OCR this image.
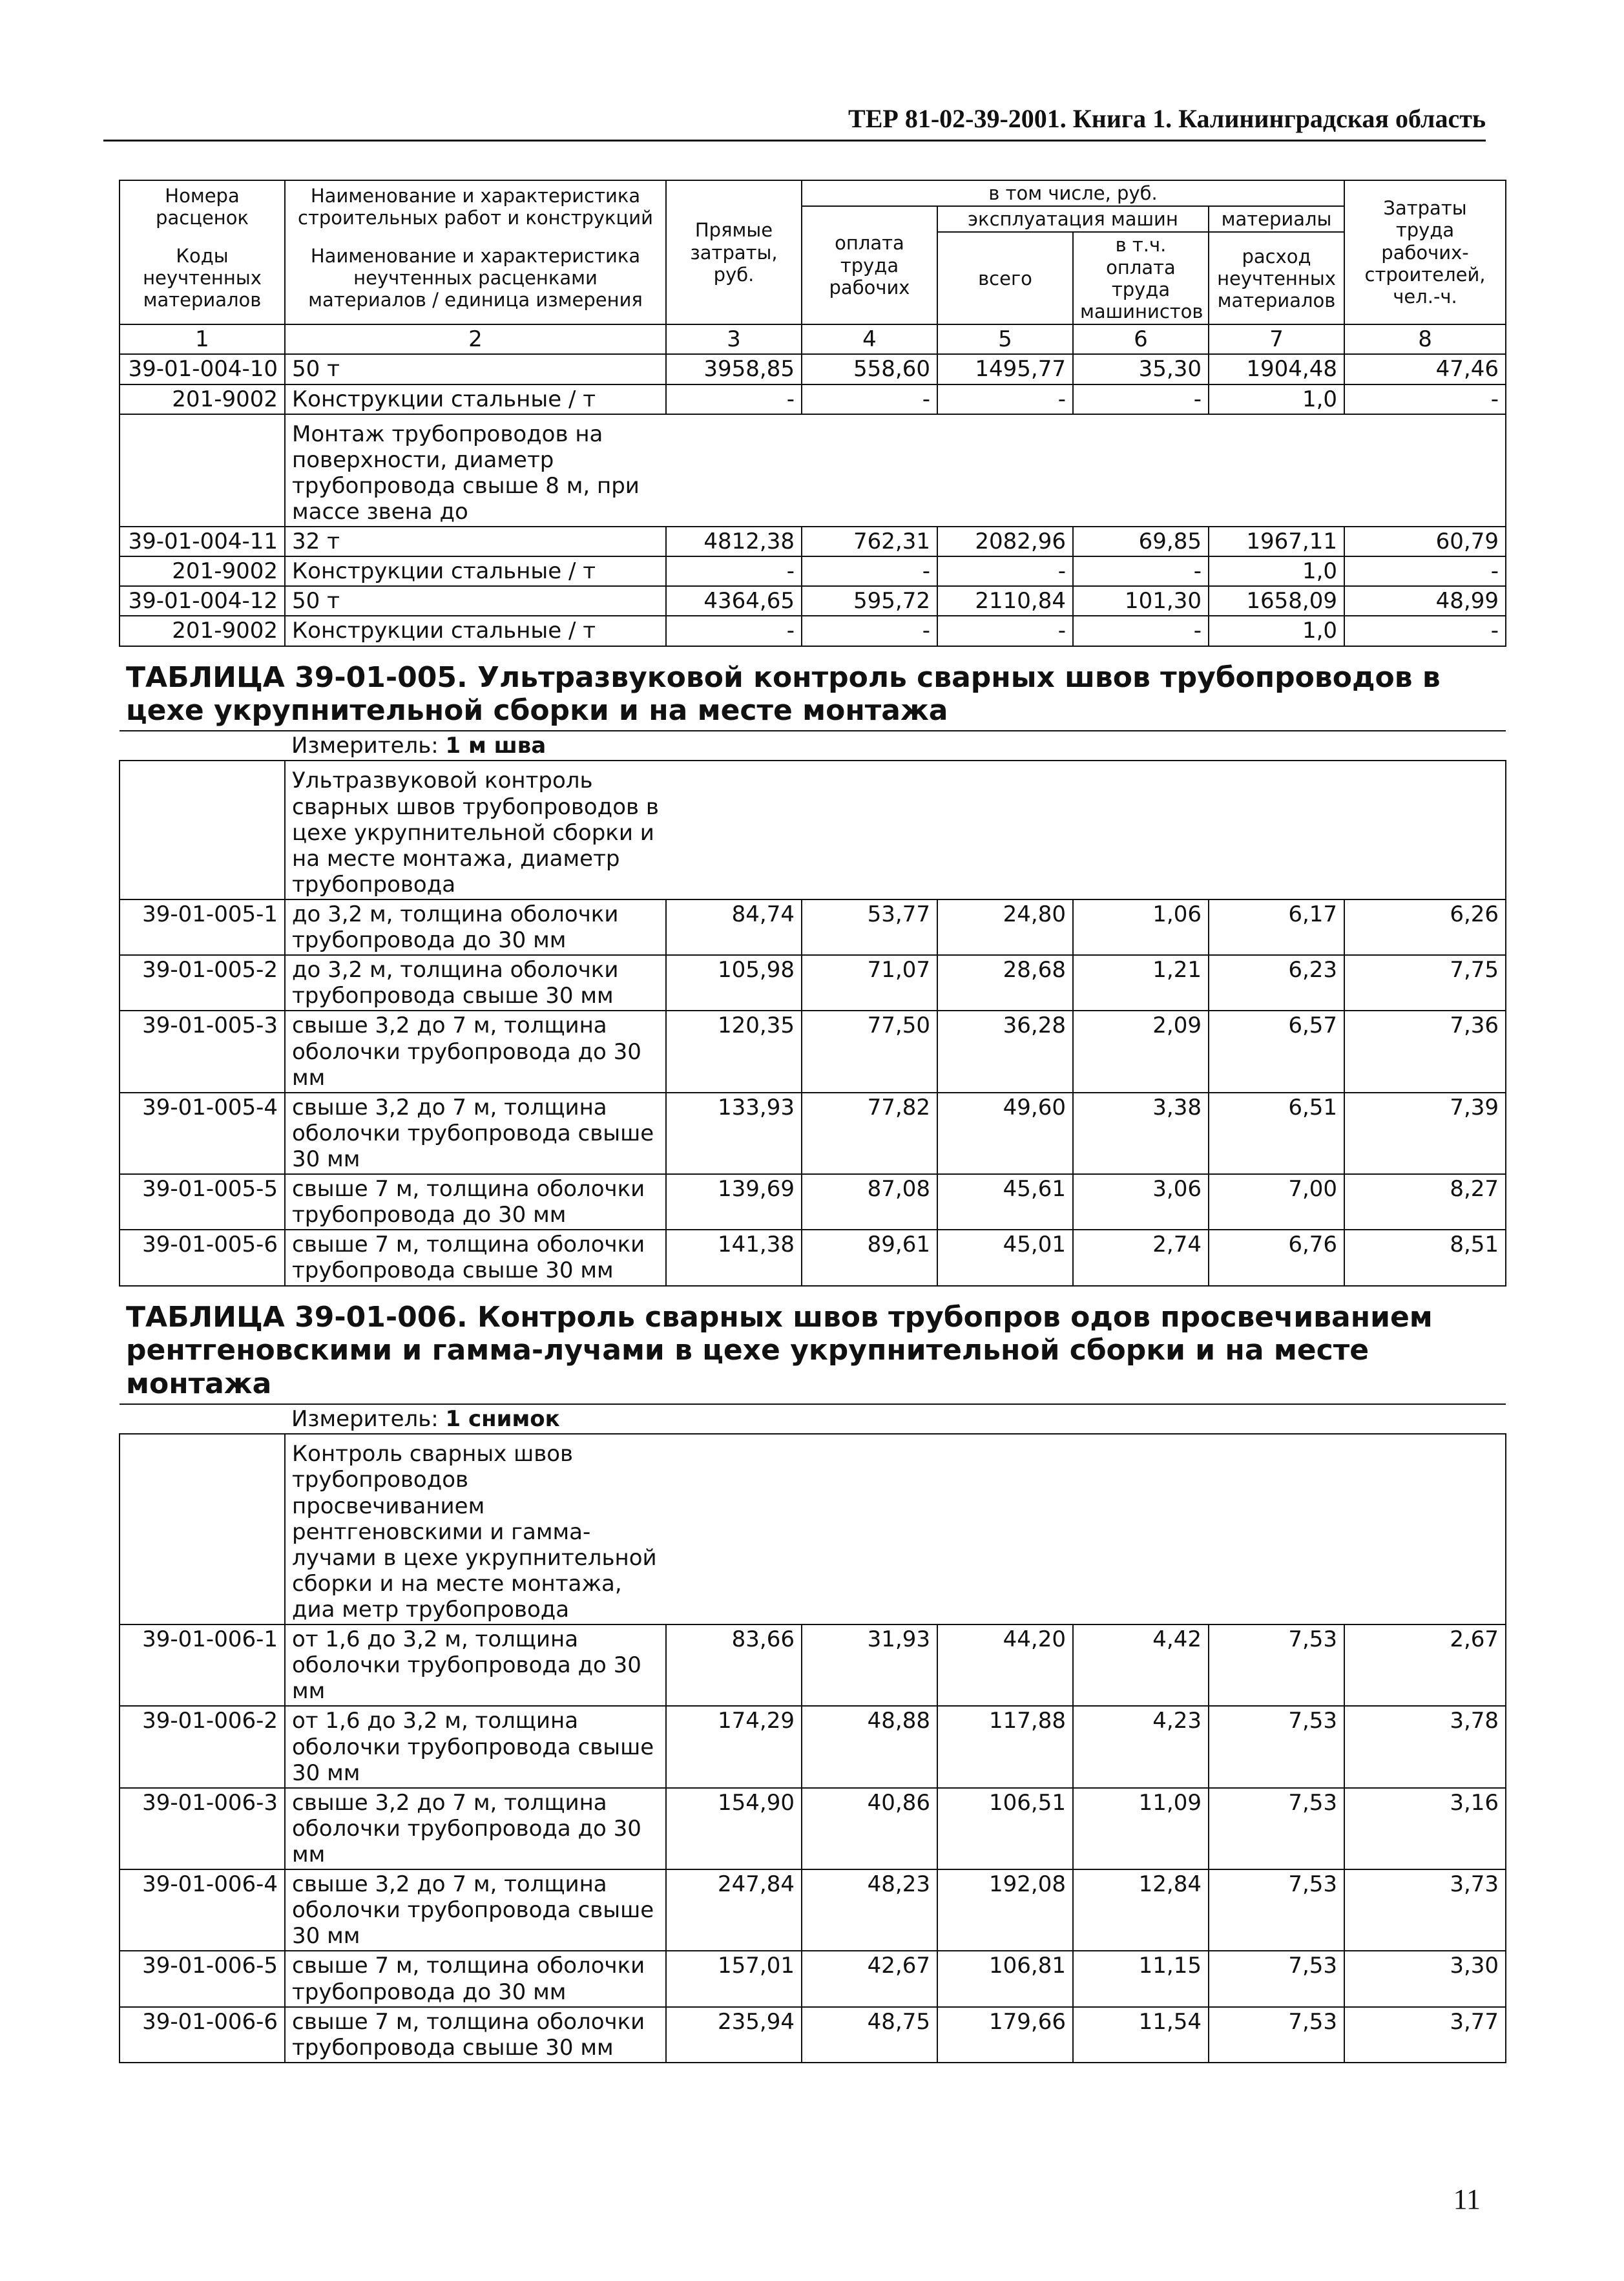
ТЕР 81-02-39-2001. Книга 1. Калининградская область
Номера расценок	Наименование и характеристика строительных работ и конструкций	Прямые затраты, руб.	в том числе, руб.				Затраты труда рабочих-строителей, чел.-ч.
			оплата труда рабочих	эксплуатация машин		материалы	
Коды неучтенных материалов	Наименование и характеристика неучтенных расценками материалов / единица измерения			всего	в т.ч. оплата труда машинистов	расход неучтенных материалов	

1	2	3	4	5	6	7	8
39-01-004-10	50 т	3958,85	558,60	1495,77	35,30	1904,48	47,46
201-9002	Конструкции стальные / т	-	-	-	-	1,0	-

	Монтаж трубопроводов на поверхности, диаметр трубопровода свыше 8 м, при массе звена до						

39-01-004-11	32 т	4812,38	762,31	2082,96	69,85	1967,11	60,79
201-9002	Конструкции стальные / т	-	-	-	-	1,0	-
39-01-004-12	50 т	4364,65	595,72	2110,84	101,30	1658,09	48,99
201-9002	Конструкции стальные / т	-	-	-	-	1,0	-
ТАБЛИЦА 39-01-005. Ультразвуковой контроль сварных швов трубопроводов в цехе укрупнительной сборки и на месте монтажа							
	Измеритель: 1 м шва						

	Ультразвуковой контроль сварных швов трубопроводов в цехе укрупнительной сборки и на месте монтажа, диаметр трубопровода						

39-01-005-1	до 3,2 м, толщина оболочки трубопровода до 30 мм	84,74	53,77	24,80	1,06	6,17	6,26
39-01-005-2	до 3,2 м, толщина оболочки трубопровода свыше 30 мм	105,98	71,07	28,68	1,21	6,23	7,75
39-01-005-3	свыше 3,2 до 7 м, толщина оболочки трубопровода до 30 мм	120,35	77,50	36,28	2,09	6,57	7,36
39-01-005-4	свыше 3,2 до 7 м, толщина оболочки трубопровода свыше 30 мм	133,93	77,82	49,60	3,38	6,51	7,39
39-01-005-5	свыше 7 м, толщина оболочки трубопровода до 30 мм	139,69	87,08	45,61	3,06	7,00	8,27
39-01-005-6	свыше 7 м, толщина оболочки трубопровода свыше 30 мм	141,38	89,61	45,01	2,74	6,76	8,51
ТАБЛИЦА 39-01-006. Контроль сварных швов трубопров одов просвечиванием рентгеновскими и гамма-лучами в цехе укрупнительной сборки и на месте монтажа							
	Измеритель: 1 снимок						

	Контроль сварных швов трубопроводов просвечиванием рентгеновскими и гамма-лучами в цехе укрупнительной сборки и на месте монтажа, диа метр трубопровода						

39-01-006-1	от 1,6 до 3,2 м, толщина оболочки трубопровода до 30 мм	83,66	31,93	44,20	4,42	7,53	2,67
39-01-006-2	от 1,6 до 3,2 м, толщина оболочки трубопровода свыше 30 мм	174,29	48,88	117,88	4,23	7,53	3,78
39-01-006-3	свыше 3,2 до 7 м, толщина оболочки трубопровода до 30 мм	154,90	40,86	106,51	11,09	7,53	3,16
39-01-006-4	свыше 3,2 до 7 м, толщина оболочки трубопровода свыше 30 мм	247,84	48,23	192,08	12,84	7,53	3,73
39-01-006-5	свыше 7 м, толщина оболочки трубопровода до 30 мм	157,01	42,67	106,81	11,15	7,53	3,30
39-01-006-6	свыше 7 м, толщина оболочки трубопровода свыше 30 мм	235,94	48,75	179,66	11,54	7,53	3,77
11
